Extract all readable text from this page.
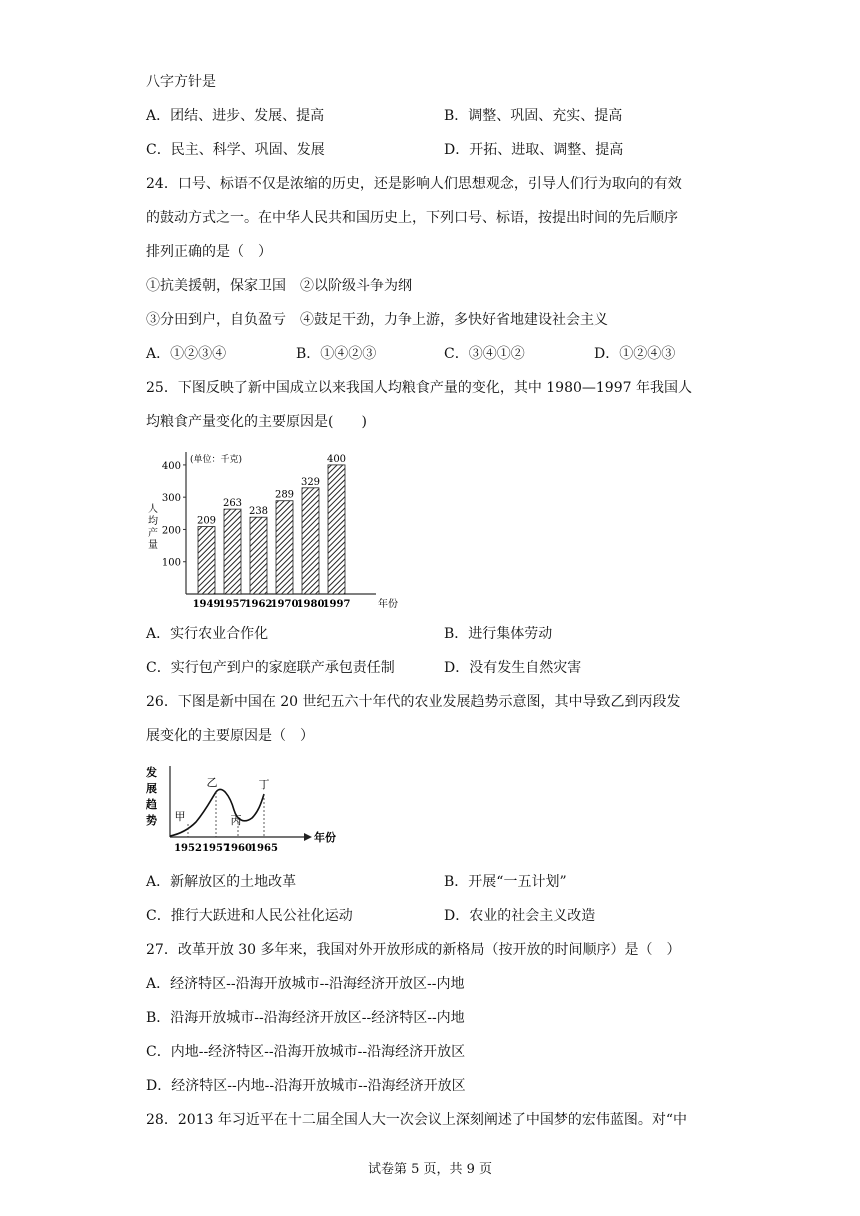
八字方针是
A．团结、进步、发展、提高	B．调整、巩固、充实、提高
C．民主、科学、巩固、发展	D．开拓、进取、调整、提高
24．口号、标语不仅是浓缩的历史，还是影响人们思想观念，引导人们行为取向的有效
的鼓动方式之一。在中华人民共和国历史上，下列口号、标语，按提出时间的先后顺序
排列正确的是（　）
①抗美援朝，保家卫国　②以阶级斗争为纲
③分田到户，自负盈亏　④鼓足干劲，力争上游，多快好省地建设社会主义
A．①②③④	B．①④②③	C．③④①②	D．①②④③
25．下图反映了新中国成立以来我国人均粮食产量的变化，其中 1980—1997 年我国人
均粮食产量变化的主要原因是(　　)
100
200
300
400
(单位：千克)
人
均
产
量
209
1949
263
1957
238
1962
289
1970
329
1980
400
1997	年份
A．实行农业合作化	B．进行集体劳动
C．实行包产到户的家庭联产承包责任制	D．没有发生自然灾害
26．下图是新中国在 20 世纪五六十年代的农业发展趋势示意图，其中导致乙到丙段发
展变化的主要原因是（　）
发
展
趋
势
1952 1957
1960
1965
甲
乙
丙
丁
年份
A．新解放区的土地改革	B．开展“一五计划”
C．推行大跃进和人民公社化运动	D．农业的社会主义改造
27．改革开放 30 多年来，我国对外开放形成的新格局（按开放的时间顺序）是（　）
A．经济特区--沿海开放城市--沿海经济开放区--内地
B．沿海开放城市--沿海经济开放区--经济特区--内地
C．内地--经济特区--沿海开放城市--沿海经济开放区
D．经济特区--内地--沿海开放城市--沿海经济开放区
28．2013 年习近平在十二届全国人大一次会议上深刻阐述了中国梦的宏伟蓝图。对“中
试卷第 5 页，共 9 页
